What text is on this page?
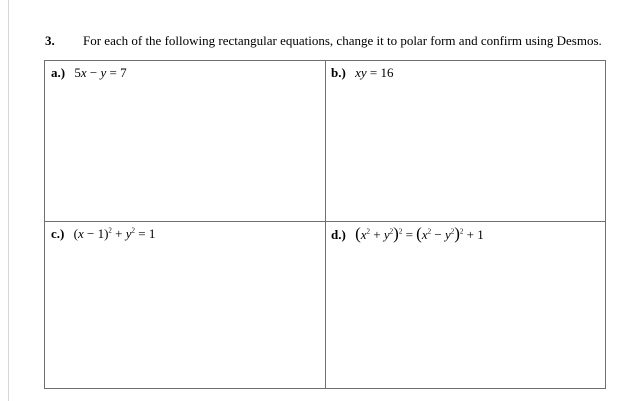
3. For each of the following rectangular equations, change it to polar form and confirm using Desmos.
a.) 5x − y = 7	b.) xy = 16
c.) $(x - 1)^2 + y^2 = 1$	d.) $(x^2 + y^2)^2 = (x^2 - y^2)^2 + 1$
